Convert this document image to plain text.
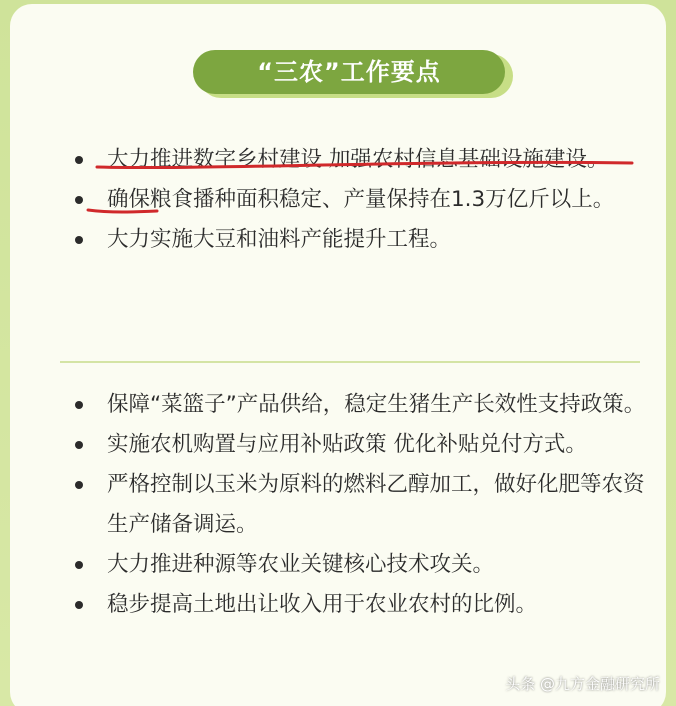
“三农”工作要点
大力推进数字乡村建设 加强农村信息基础设施建设。
确保粮食播种面积稳定、产量保持在1.3万亿斤以上。
大力实施大豆和油料产能提升工程。
保障“菜篮子”产品供给，稳定生猪生产长效性支持政策。
实施农机购置与应用补贴政策 优化补贴兑付方式。
严格控制以玉米为原料的燃料乙醇加工，做好化肥等农资生产储备调运。
大力推进种源等农业关键核心技术攻关。
稳步提高土地出让收入用于农业农村的比例。
头条 @九方金融研究所
